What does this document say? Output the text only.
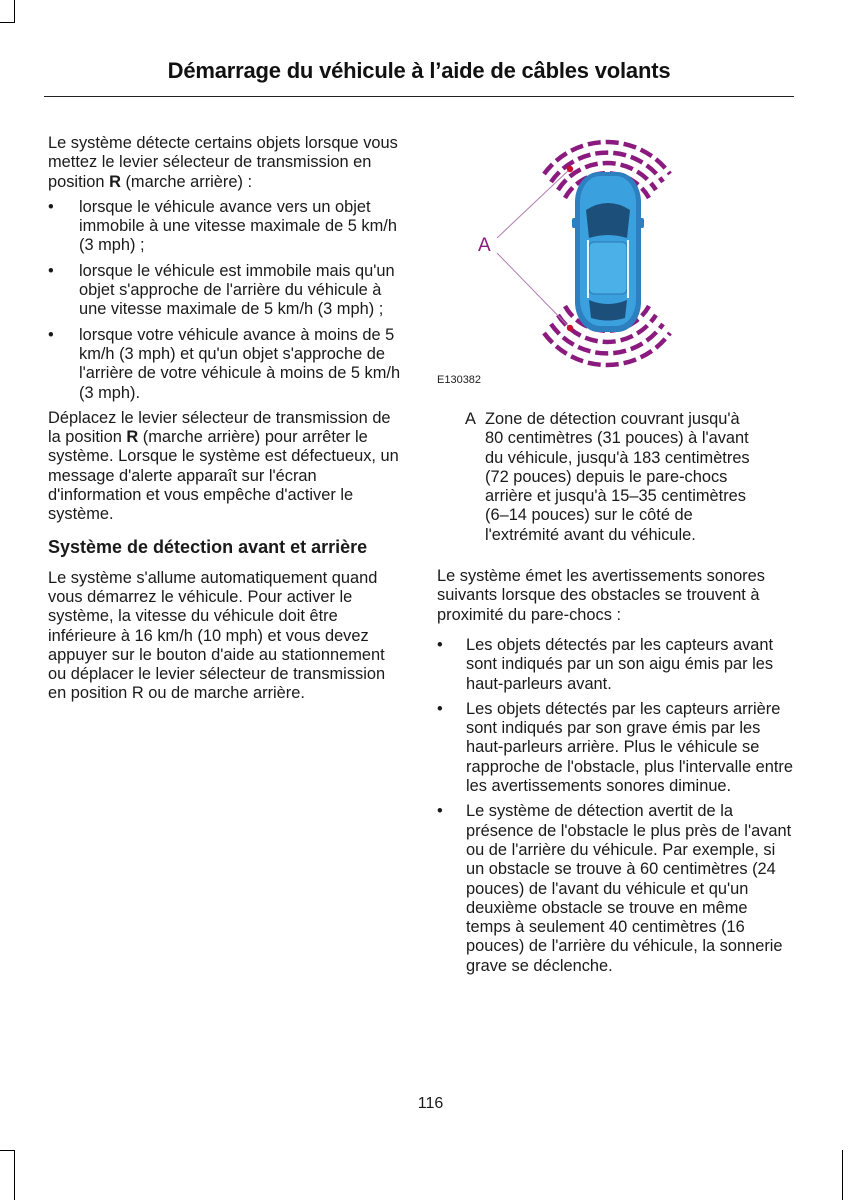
Démarrage du véhicule à l’aide de câbles volants

Le système détecte certains objets lorsque vous mettez le levier sélecteur de transmission en position R (marche arrière) :

• lorsque le véhicule avance vers un objet immobile à une vitesse maximale de 5 km/h (3 mph) ;
• lorsque le véhicule est immobile mais qu'un objet s'approche de l'arrière du véhicule à une vitesse maximale de 5 km/h (3 mph) ;
• lorsque votre véhicule avance à moins de 5 km/h (3 mph) et qu'un objet s'approche de l'arrière de votre véhicule à moins de 5 km/h (3 mph).

Déplacez le levier sélecteur de transmission de la position R (marche arrière) pour arrêter le système. Lorsque le système est défectueux, un message d'alerte apparaît sur l'écran d'information et vous empêche d'activer le système.

Système de détection avant et arrière

Le système s'allume automatiquement quand vous démarrez le véhicule. Pour activer le système, la vitesse du véhicule doit être inférieure à 16 km/h (10 mph) et vous devez appuyer sur le bouton d'aide au stationnement ou déplacer le levier sélecteur de transmission en position R ou de marche arrière.

A
E130382
A Zone de détection couvrant jusqu'à 80 centimètres (31 pouces) à l'avant du véhicule, jusqu'à 183 centimètres (72 pouces) depuis le pare-chocs arrière et jusqu'à 15–35 centimètres (6–14 pouces) sur le côté de l'extrémité avant du véhicule.

Le système émet les avertissements sonores suivants lorsque des obstacles se trouvent à proximité du pare-chocs :

• Les objets détectés par les capteurs avant sont indiqués par un son aigu émis par les haut-parleurs avant.
• Les objets détectés par les capteurs arrière sont indiqués par son grave émis par les haut-parleurs arrière. Plus le véhicule se rapproche de l'obstacle, plus l'intervalle entre les avertissements sonores diminue.
• Le système de détection avertit de la présence de l'obstacle le plus près de l'avant ou de l'arrière du véhicule. Par exemple, si un obstacle se trouve à 60 centimètres (24 pouces) de l'avant du véhicule et qu'un deuxième obstacle se trouve en même temps à seulement 40 centimètres (16 pouces) de l'arrière du véhicule, la sonnerie grave se déclenche.
116
